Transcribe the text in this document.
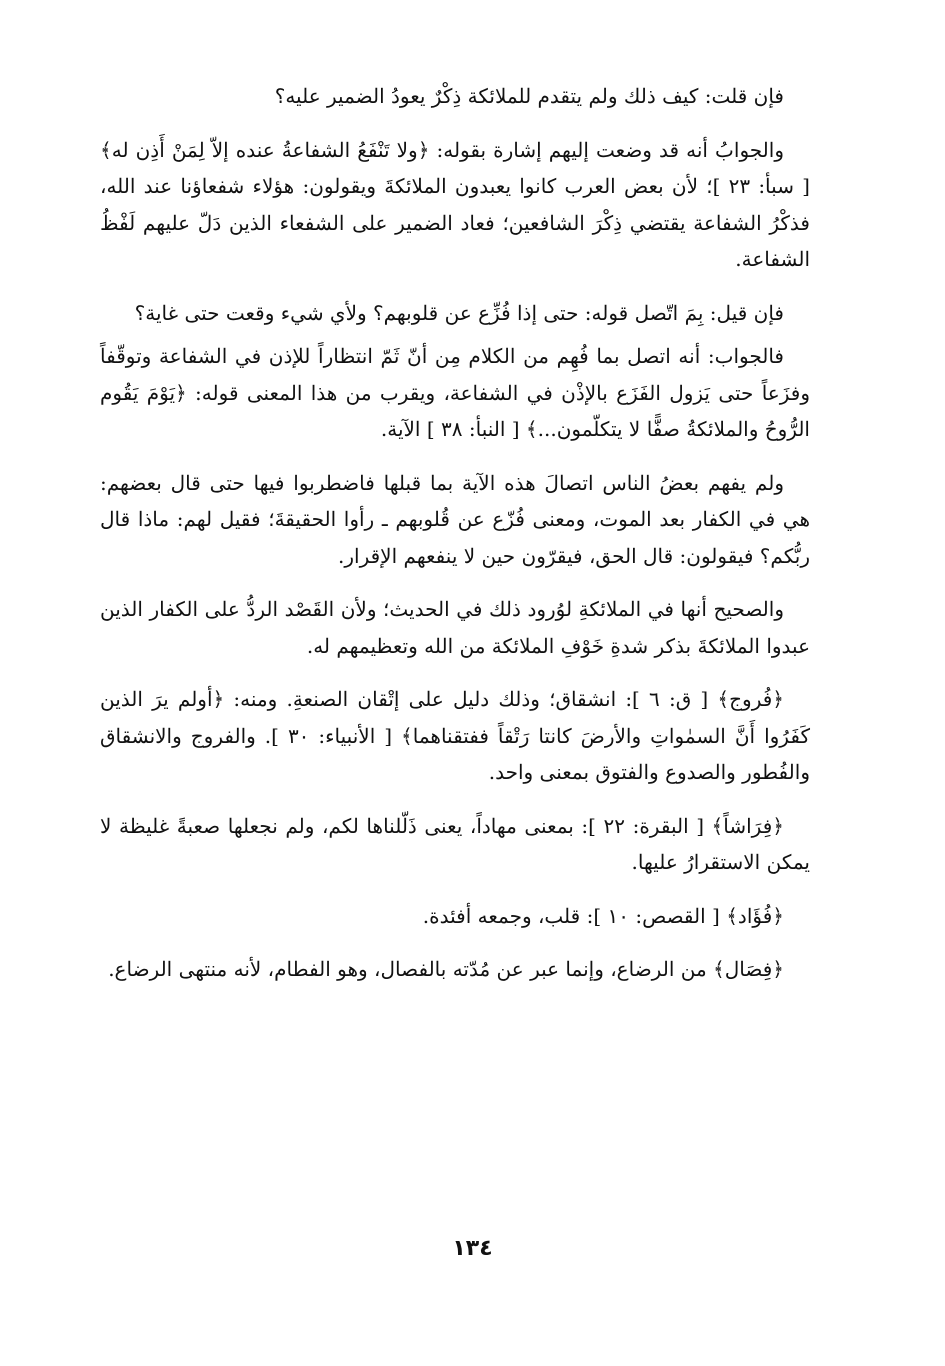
فإن قلت: كيف ذلك ولم يتقدم للملائكة ذِكْرٌ يعودُ الضمير عليه؟

والجوابُ أنه قد وضعت إليهم إشارة بقوله: ﴿ولا تَنْفَعُ الشفاعةُ عنده إلاّ لِمَنْ أَذِن له﴾ [ سبأ: ٢٣ ]؛ لأن بعض العرب كانوا يعبدون الملائكةَ ويقولون: هؤلاء شفعاؤنا عند الله، فذكْرُ الشفاعة يقتضي ذِكْرَ الشافعين؛ فعاد الضمير على الشفعاء الذين دَلّ عليهم لَفْظُ الشفاعة.

فإن قيل: بِمَ اتّصل قوله: حتى إذا فُزِّع عن قلوبهم؟ ولأي شيء وقعت حتى غاية؟

فالجواب: أنه اتصل بما فُهِم من الكلام مِن أنّ ثَمّ انتظاراً للإذن في الشفاعة وتوقّفاً وفزَعاً حتى يَزول الفَزَع بالإذْن في الشفاعة، ويقرب من هذا المعنى قوله: ﴿يَوْمَ يَقُوم الرُّوحُ والملائكةُ صفًّا لا يتكلّمون...﴾ [ النبأ: ٣٨ ] الآية.

ولم يفهم بعضُ الناس اتصالَ هذه الآية بما قبلها فاضطربوا فيها حتى قال بعضهم: هي في الكفار بعد الموت، ومعنى فُزّع عن قُلوبهم ـ رأوا الحقيقةَ؛ فقيل لهم: ماذا قال ربُّكم؟ فيقولون: قال الحق، فيقرّون حين لا ينفعهم الإقرار.

والصحيح أنها في الملائكةِ لوُرود ذلك في الحديث؛ ولأن القَصْد الردُّ على الكفار الذين عبدوا الملائكةَ بذكر شدةِ خَوْفِ الملائكة من الله وتعظيمهم له.

﴿فُروج﴾ [ ق: ٦ ]: انشقاق؛ وذلك دليل على إتْقان الصنعةِ. ومنه: ﴿أولم يرَ الذين كَفَرُوا أَنَّ السمٰواتِ والأرضَ كانتا رَتْقاً ففتقناهما﴾ [ الأنبياء: ٣٠ ]. والفروج والانشقاق والفُطور والصدوع والفتوق بمعنى واحد.

﴿فِرَاشاً﴾ [ البقرة: ٢٢ ]: بمعنى مهاداً، يعنى ذَلّلناها لكم، ولم نجعلها صعبةً غليظة لا يمكن الاستقرارُ عليها.

﴿فُؤَاد﴾ [ القصص: ١٠ ]: قلب، وجمعه أفئدة.

﴿فِصَال﴾ من الرضاع، وإنما عبر عن مُدّته بالفصال، وهو الفطام، لأنه منتهى الرضاع.

١٣٤
